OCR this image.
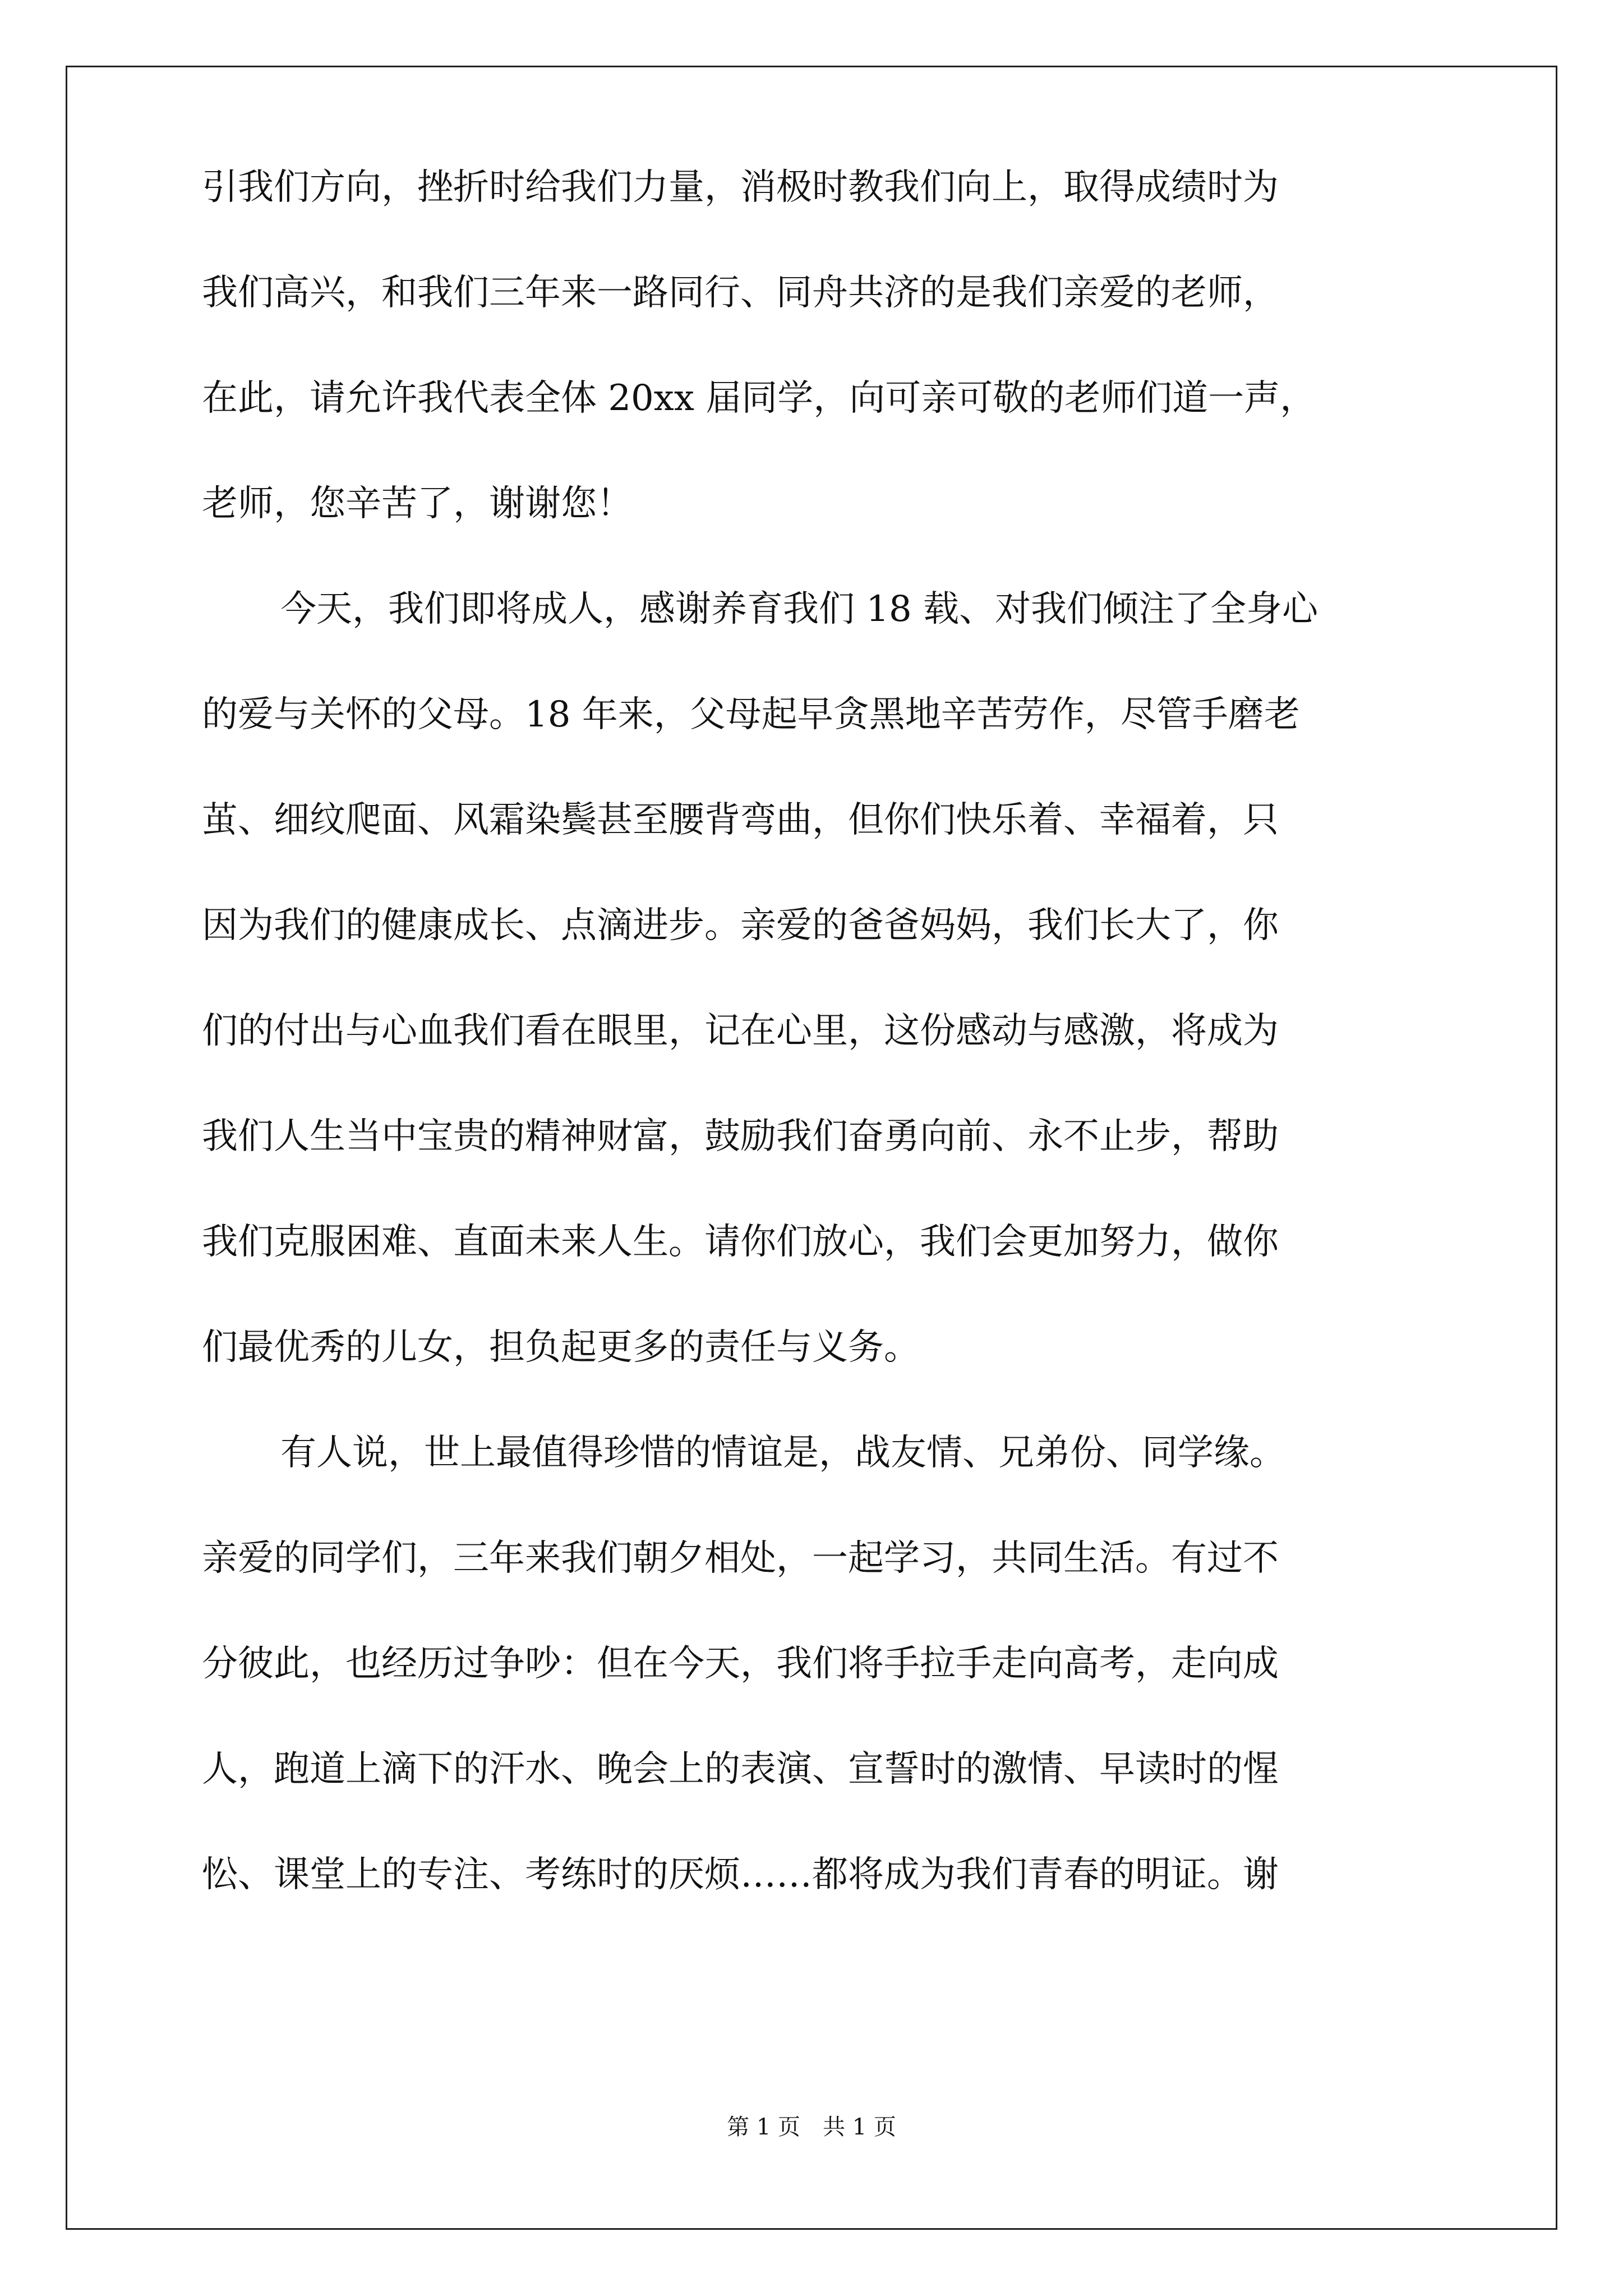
引我们方向，挫折时给我们力量，消极时教我们向上，取得成绩时为
我们高兴，和我们三年来一路同行、同舟共济的是我们亲爱的老师，
在此，请允许我代表全体 20xx 届同学，向可亲可敬的老师们道一声，
老师，您辛苦了，谢谢您！
今天，我们即将成人，感谢养育我们 18 载、对我们倾注了全身心
的爱与关怀的父母。18 年来，父母起早贪黑地辛苦劳作，尽管手磨老
茧、细纹爬面、风霜染鬓甚至腰背弯曲，但你们快乐着、幸福着，只
因为我们的健康成长、点滴进步。亲爱的爸爸妈妈，我们长大了，你
们的付出与心血我们看在眼里，记在心里，这份感动与感激，将成为
我们人生当中宝贵的精神财富，鼓励我们奋勇向前、永不止步，帮助
我们克服困难、直面未来人生。请你们放心，我们会更加努力，做你
们最优秀的儿女，担负起更多的责任与义务。
有人说，世上最值得珍惜的情谊是，战友情、兄弟份、同学缘。
亲爱的同学们，三年来我们朝夕相处，一起学习，共同生活。有过不
分彼此，也经历过争吵：但在今天，我们将手拉手走向高考，走向成
人，跑道上滴下的汗水、晚会上的表演、宣誓时的激情、早读时的惺
忪、课堂上的专注、考练时的厌烦……都将成为我们青春的明证。谢
第 1 页　共 1 页
